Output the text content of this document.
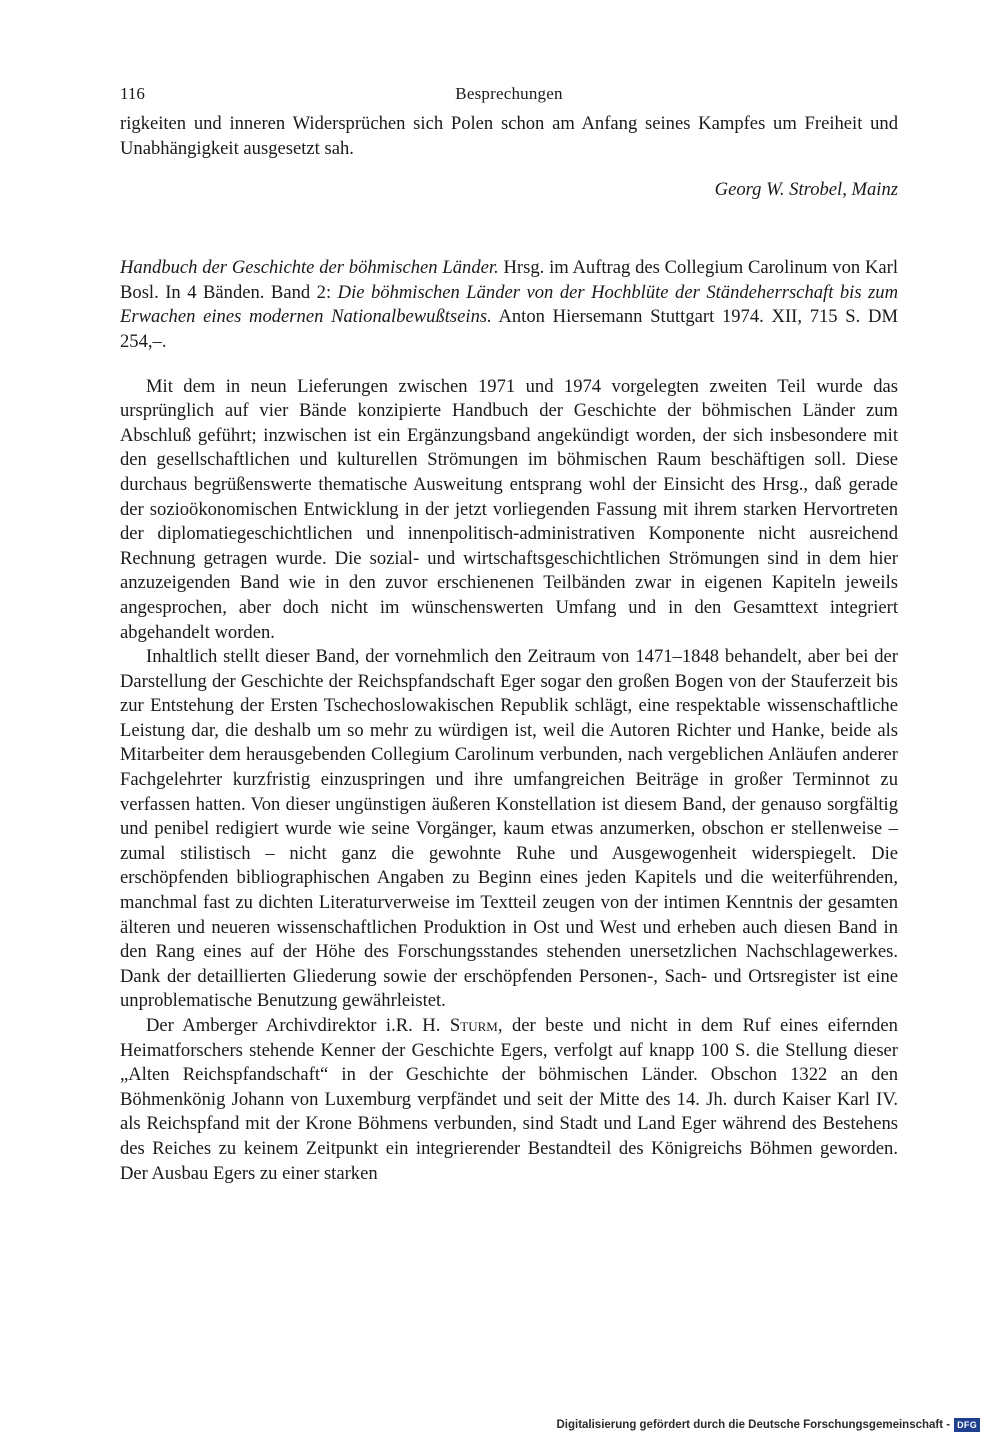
116	Besprechungen

rigkeiten und inneren Widersprüchen sich Polen schon am Anfang seines Kampfes um Freiheit und Unabhängigkeit ausgesetzt sah.

Georg W. Strobel, Mainz

Handbuch der Geschichte der böhmischen Länder. Hrsg. im Auftrag des Collegium Carolinum von Karl Bosl. In 4 Bänden. Band 2: Die böhmischen Länder von der Hochblüte der Ständeherrschaft bis zum Erwachen eines modernen Nationalbewußtseins. Anton Hiersemann Stuttgart 1974. XII, 715 S. DM 254,–.

Mit dem in neun Lieferungen zwischen 1971 und 1974 vorgelegten zweiten Teil wurde das ursprünglich auf vier Bände konzipierte Handbuch der Geschichte der böhmischen Länder zum Abschluß geführt; inzwischen ist ein Ergänzungsband angekündigt worden, der sich insbesondere mit den gesellschaftlichen und kulturellen Strömungen im böhmischen Raum beschäftigen soll. Diese durchaus begrüßenswerte thematische Ausweitung entsprang wohl der Einsicht des Hrsg., daß gerade der sozioökonomischen Entwicklung in der jetzt vorliegenden Fassung mit ihrem starken Hervortreten der diplomatiegeschichtlichen und innenpolitisch-administrativen Komponente nicht ausreichend Rechnung getragen wurde. Die sozial- und wirtschaftsgeschichtlichen Strömungen sind in dem hier anzuzeigenden Band wie in den zuvor erschienenen Teilbänden zwar in eigenen Kapiteln jeweils angesprochen, aber doch nicht im wünschenswerten Umfang und in den Gesamttext integriert abgehandelt worden.

Inhaltlich stellt dieser Band, der vornehmlich den Zeitraum von 1471–1848 behandelt, aber bei der Darstellung der Geschichte der Reichspfandschaft Eger sogar den großen Bogen von der Stauferzeit bis zur Entstehung der Ersten Tschechoslowakischen Republik schlägt, eine respektable wissenschaftliche Leistung dar, die deshalb um so mehr zu würdigen ist, weil die Autoren Richter und Hanke, beide als Mitarbeiter dem herausgebenden Collegium Carolinum verbunden, nach vergeblichen Anläufen anderer Fachgelehrter kurzfristig einzuspringen und ihre umfangreichen Beiträge in großer Terminnot zu verfassen hatten. Von dieser ungünstigen äußeren Konstellation ist diesem Band, der genauso sorgfältig und penibel redigiert wurde wie seine Vorgänger, kaum etwas anzumerken, obschon er stellenweise – zumal stilistisch – nicht ganz die gewohnte Ruhe und Ausgewogenheit widerspiegelt. Die erschöpfenden bibliographischen Angaben zu Beginn eines jeden Kapitels und die weiterführenden, manchmal fast zu dichten Literaturverweise im Textteil zeugen von der intimen Kenntnis der gesamten älteren und neueren wissenschaftlichen Produktion in Ost und West und erheben auch diesen Band in den Rang eines auf der Höhe des Forschungsstandes stehenden unersetzlichen Nachschlagewerkes. Dank der detaillierten Gliederung sowie der erschöpfenden Personen-, Sach- und Ortsregister ist eine unproblematische Benutzung gewährleistet.

Der Amberger Archivdirektor i.R. H. Sturm, der beste und nicht in dem Ruf eines eifernden Heimatforschers stehende Kenner der Geschichte Egers, verfolgt auf knapp 100 S. die Stellung dieser „Alten Reichspfandschaft“ in der Geschichte der böhmischen Länder. Obschon 1322 an den Böhmenkönig Johann von Luxemburg verpfändet und seit der Mitte des 14. Jh. durch Kaiser Karl IV. als Reichspfand mit der Krone Böhmens verbunden, sind Stadt und Land Eger während des Bestehens des Reiches zu keinem Zeitpunkt ein integrierender Bestandteil des Königreichs Böhmen geworden. Der Ausbau Egers zu einer starken

Digitalisierung gefördert durch die Deutsche Forschungsgemeinschaft - DFG
